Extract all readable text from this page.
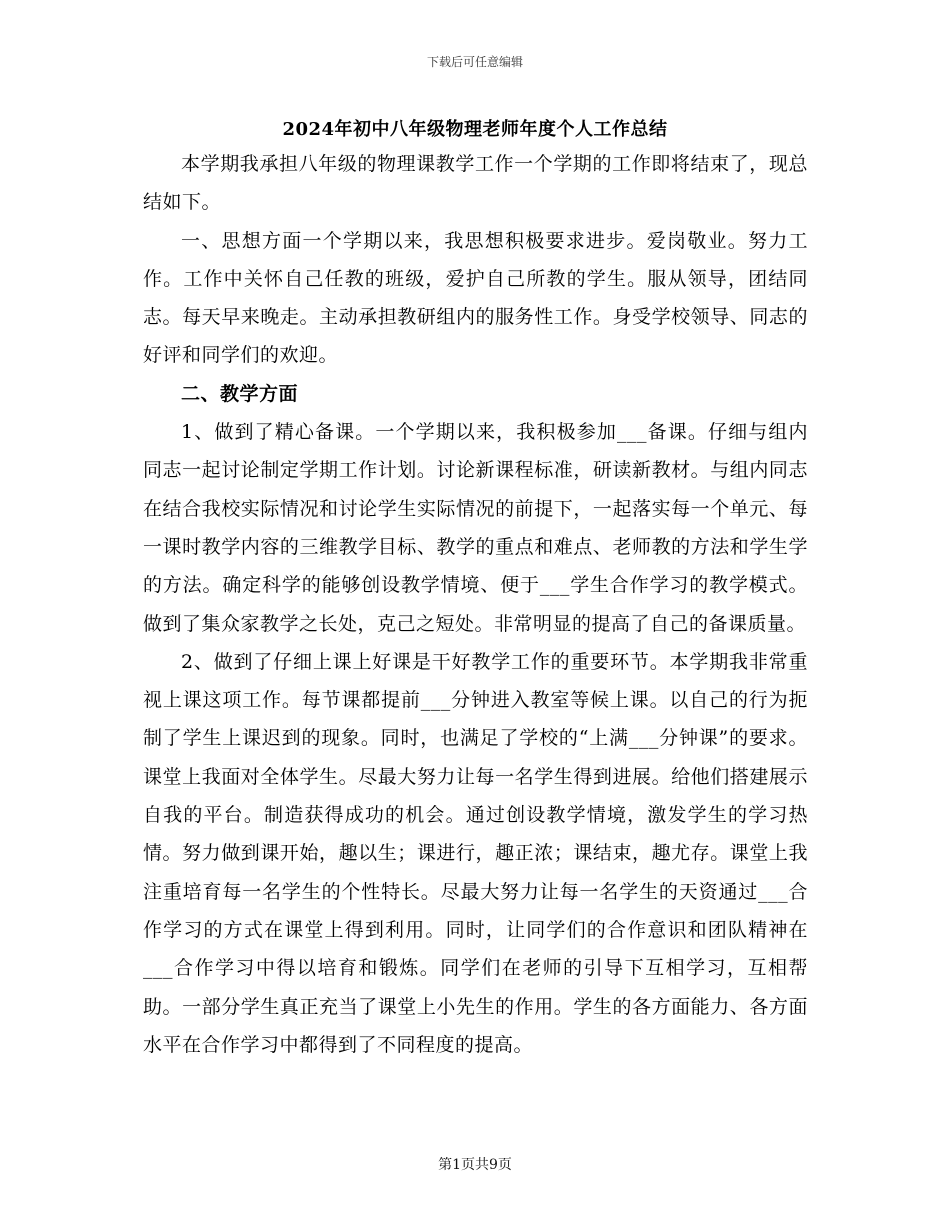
下载后可任意编辑
2024年初中八年级物理老师年度个人工作总结

本学期我承担八年级的物理课教学工作一个学期的工作即将结束了，现总结如下。

一、思想方面一个学期以来，我思想积极要求进步。爱岗敬业。努力工作。工作中关怀自己任教的班级，爱护自己所教的学生。服从领导，团结同志。每天早来晚走。主动承担教研组内的服务性工作。身受学校领导、同志的好评和同学们的欢迎。

二、教学方面

1、做到了精心备课。一个学期以来，我积极参加___备课。仔细与组内同志一起讨论制定学期工作计划。讨论新课程标准，研读新教材。与组内同志在结合我校实际情况和讨论学生实际情况的前提下，一起落实每一个单元、每一课时教学内容的三维教学目标、教学的重点和难点、老师教的方法和学生学的方法。确定科学的能够创设教学情境、便于___学生合作学习的教学模式。做到了集众家教学之长处，克己之短处。非常明显的提高了自己的备课质量。

2、做到了仔细上课上好课是干好教学工作的重要环节。本学期我非常重视上课这项工作。每节课都提前___分钟进入教室等候上课。以自己的行为扼制了学生上课迟到的现象。同时，也满足了学校的“上满___分钟课”的要求。课堂上我面对全体学生。尽最大努力让每一名学生得到进展。给他们搭建展示自我的平台。制造获得成功的机会。通过创设教学情境，激发学生的学习热情。努力做到课开始，趣以生；课进行，趣正浓；课结束，趣尤存。课堂上我注重培育每一名学生的个性特长。尽最大努力让每一名学生的天资通过___合作学习的方式在课堂上得到利用。同时，让同学们的合作意识和团队精神在___合作学习中得以培育和锻炼。同学们在老师的引导下互相学习，互相帮助。一部分学生真正充当了课堂上小先生的作用。学生的各方面能力、各方面水平在合作学习中都得到了不同程度的提高。

第1页共9页
